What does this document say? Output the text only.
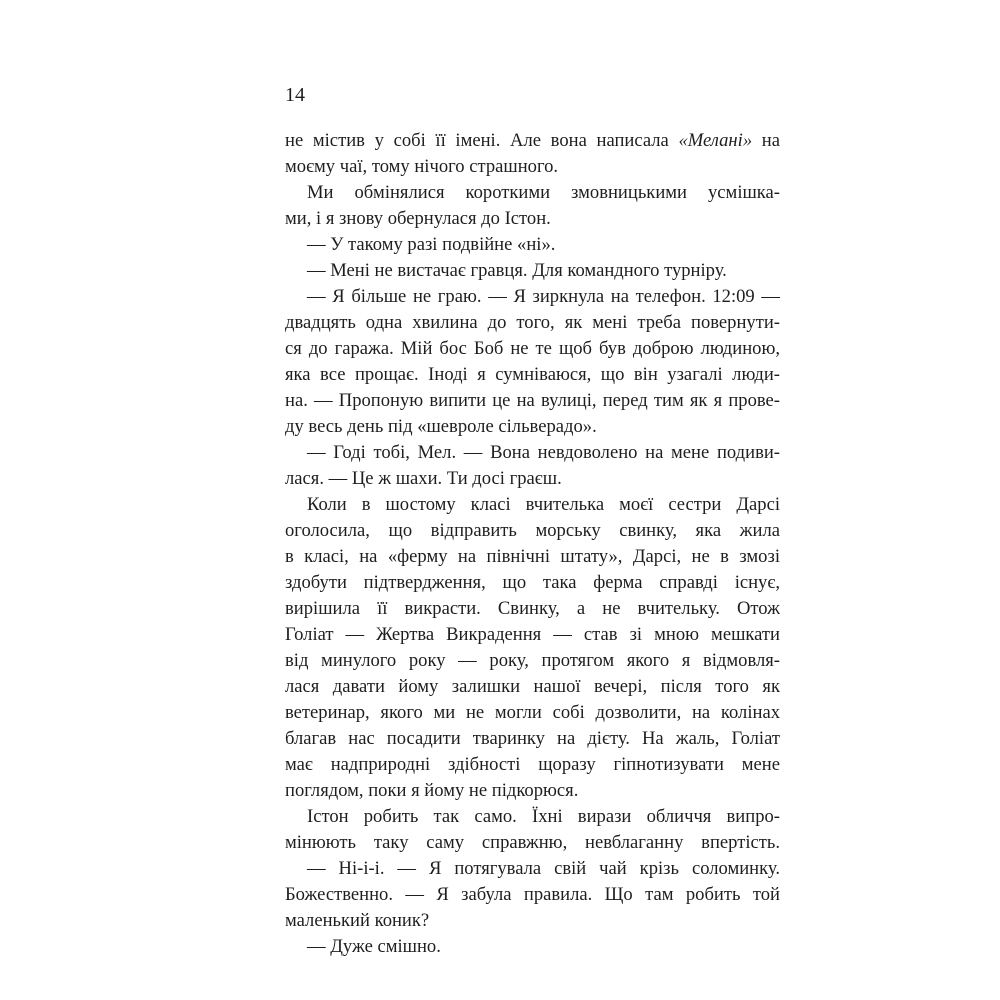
14
не містив у собі її імені. Але вона написала «Мелані» на
моєму чаї, тому нічого страшного.
Ми обмінялися короткими змовницькими усмішка-
ми, і я знову обернулася до Істон.
— У такому разі подвійне «ні».
— Мені не вистачає гравця. Для командного турніру.
— Я більше не граю. — Я зиркнула на телефон. 12:09 —
двадцять одна хвилина до того, як мені треба повернути-
ся до гаража. Мій бос Боб не те щоб був доброю людиною,
яка все прощає. Іноді я сумніваюся, що він узагалі люди-
на. — Пропоную випити це на вулиці, перед тим як я прове-
ду весь день під «шевроле сільверадо».
— Годі тобі, Мел. — Вона невдоволено на мене подиви-
лася. — Це ж шахи. Ти досі граєш.
Коли в шостому класі вчителька моєї сестри Дарсі
оголосила, що відправить морську свинку, яка жила
в класі, на «ферму на північні штату», Дарсі, не в змозі
здобути підтвердження, що така ферма справді існує,
вирішила її викрасти. Свинку, а не вчительку. Отож
Голіат — Жертва Викрадення — став зі мною мешкати
від минулого року — року, протягом якого я відмовля-
лася давати йому залишки нашої вечері, після того як
ветеринар, якого ми не могли собі дозволити, на колінах
благав нас посадити тваринку на дієту. На жаль, Голіат
має надприродні здібності щоразу гіпнотизувати мене
поглядом, поки я йому не підкорюся.
Істон робить так само. Їхні вирази обличчя випро-
мінюють таку саму справжню, невблаганну впертість.
— Ні-і-і. — Я потягувала свій чай крізь соломинку.
Божественно. — Я забула правила. Що там робить той
маленький коник?
— Дуже смішно.
